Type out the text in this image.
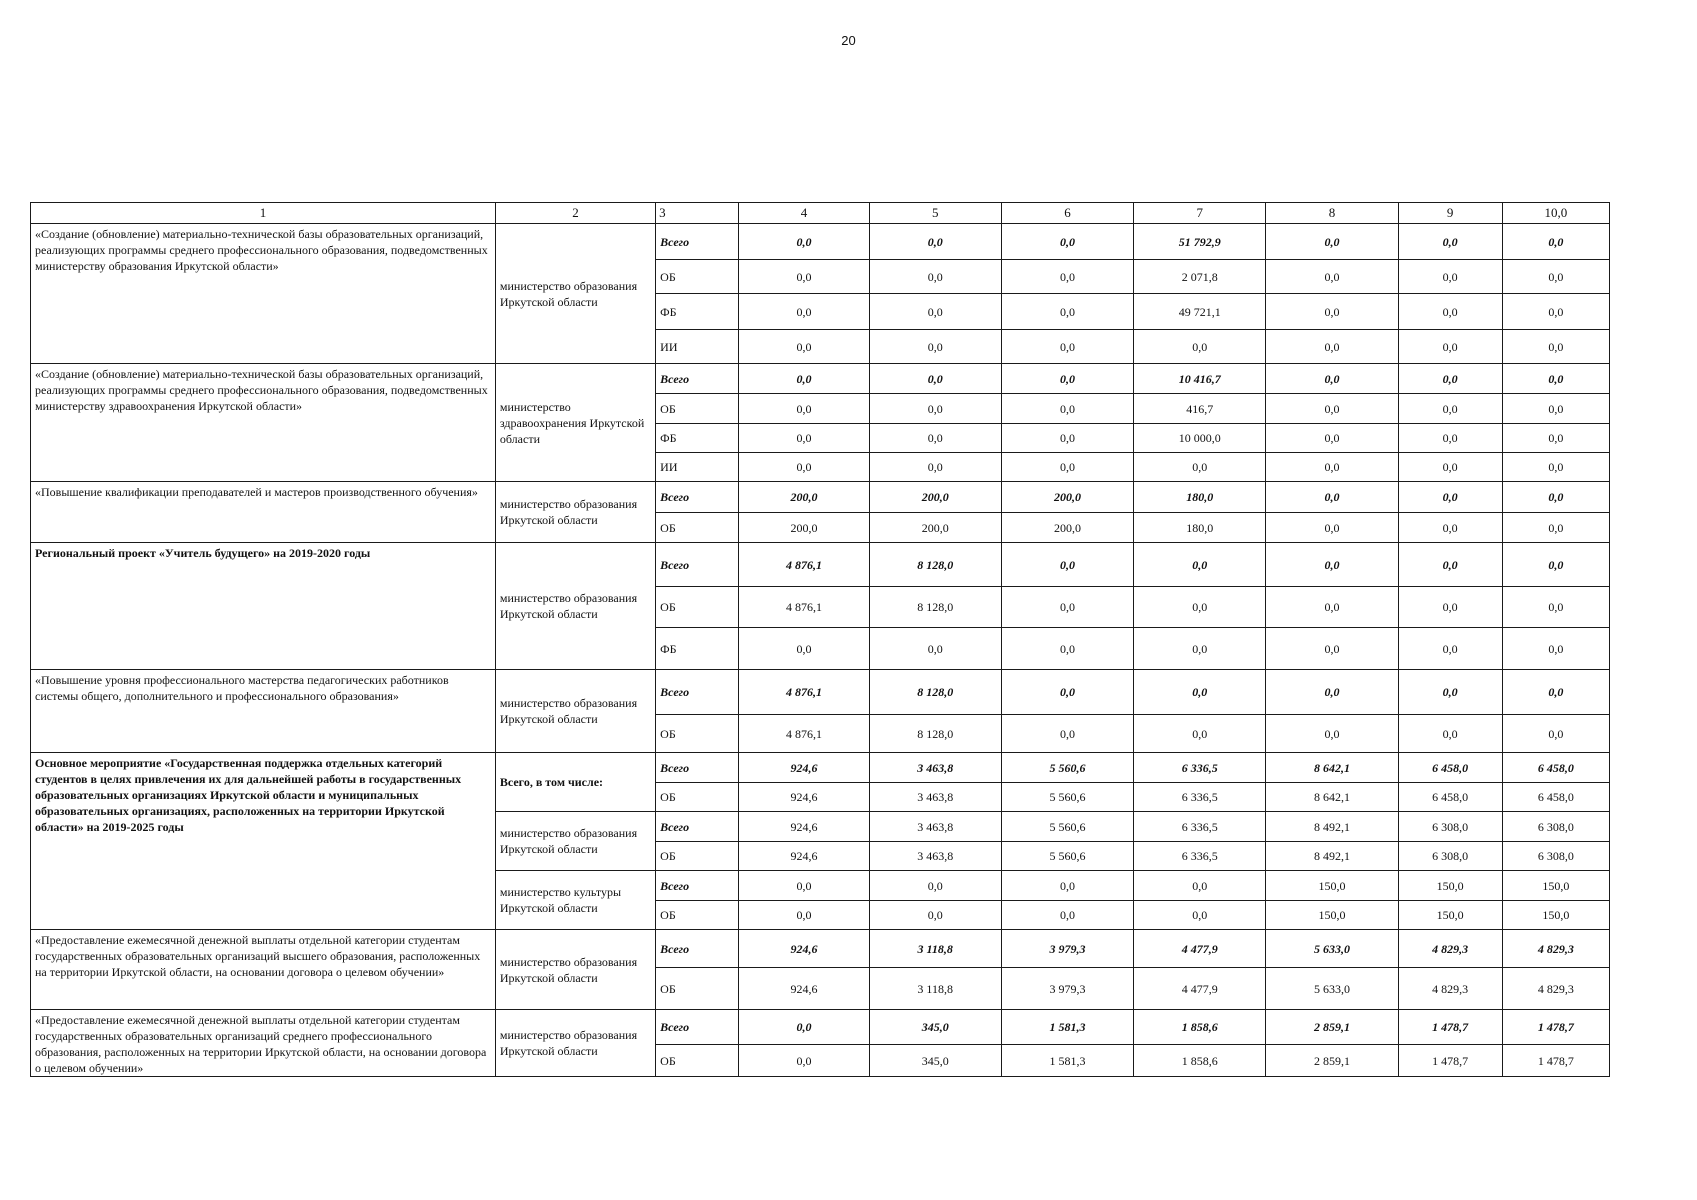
20
1	2	3	4	5	6	7	8	9	10,0
«Создание (обновление) материально-технической базы образовательных организаций, реализующих программы среднего профессионального образования, подведомственных министерству образования Иркутской области»	министерство образования Иркутской области	Всего	0,0	0,0	0,0	51 792,9	0,0	0,0	0,0
		ОБ	0,0	0,0	0,0	2 071,8	0,0	0,0	0,0
		ФБ	0,0	0,0	0,0	49 721,1	0,0	0,0	0,0
		ИИ	0,0	0,0	0,0	0,0	0,0	0,0	0,0
«Создание (обновление) материально-технической базы образовательных организаций, реализующих программы среднего профессионального образования, подведомственных министерству здравоохранения Иркутской области»	министерство здравоохранения Иркутской области	Всего	0,0	0,0	0,0	10 416,7	0,0	0,0	0,0
		ОБ	0,0	0,0	0,0	416,7	0,0	0,0	0,0
		ФБ	0,0	0,0	0,0	10 000,0	0,0	0,0	0,0
		ИИ	0,0	0,0	0,0	0,0	0,0	0,0	0,0
«Повышение квалификации преподавателей и мастеров производственного обучения»	министерство образования Иркутской области	Всего	200,0	200,0	200,0	180,0	0,0	0,0	0,0
		ОБ	200,0	200,0	200,0	180,0	0,0	0,0	0,0
Региональный проект «Учитель будущего» на 2019-2020 годы	министерство образования Иркутской области	Всего	4 876,1	8 128,0	0,0	0,0	0,0	0,0	0,0
		ОБ	4 876,1	8 128,0	0,0	0,0	0,0	0,0	0,0
		ФБ	0,0	0,0	0,0	0,0	0,0	0,0	0,0
«Повышение уровня профессионального мастерства педагогических работников системы общего, дополнительного и профессионального образования»	министерство образования Иркутской области	Всего	4 876,1	8 128,0	0,0	0,0	0,0	0,0	0,0
		ОБ	4 876,1	8 128,0	0,0	0,0	0,0	0,0	0,0
Основное мероприятие «Государственная поддержка отдельных категорий студентов в целях привлечения их для дальнейшей работы в государственных образовательных организациях Иркутской области и муниципальных образовательных организациях, расположенных на территории Иркутской области» на 2019-2025 годы	Всего, в том числе:	Всего	924,6	3 463,8	5 560,6	6 336,5	8 642,1	6 458,0	6 458,0
		ОБ	924,6	3 463,8	5 560,6	6 336,5	8 642,1	6 458,0	6 458,0
	министерство образования Иркутской области	Всего	924,6	3 463,8	5 560,6	6 336,5	8 492,1	6 308,0	6 308,0
		ОБ	924,6	3 463,8	5 560,6	6 336,5	8 492,1	6 308,0	6 308,0
	министерство культуры Иркутской области	Всего	0,0	0,0	0,0	0,0	150,0	150,0	150,0
		ОБ	0,0	0,0	0,0	0,0	150,0	150,0	150,0
«Предоставление ежемесячной денежной выплаты отдельной категории студентам государственных образовательных организаций высшего образования, расположенных на территории Иркутской области, на основании договора о целевом обучении»	министерство образования Иркутской области	Всего	924,6	3 118,8	3 979,3	4 477,9	5 633,0	4 829,3	4 829,3
		ОБ	924,6	3 118,8	3 979,3	4 477,9	5 633,0	4 829,3	4 829,3
«Предоставление ежемесячной денежной выплаты отдельной категории студентам государственных образовательных организаций среднего профессионального образования, расположенных на территории Иркутской области, на основании договора о целевом обучении»	министерство образования Иркутской области	Всего	0,0	345,0	1 581,3	1 858,6	2 859,1	1 478,7	1 478,7
		ОБ	0,0	345,0	1 581,3	1 858,6	2 859,1	1 478,7	1 478,7
